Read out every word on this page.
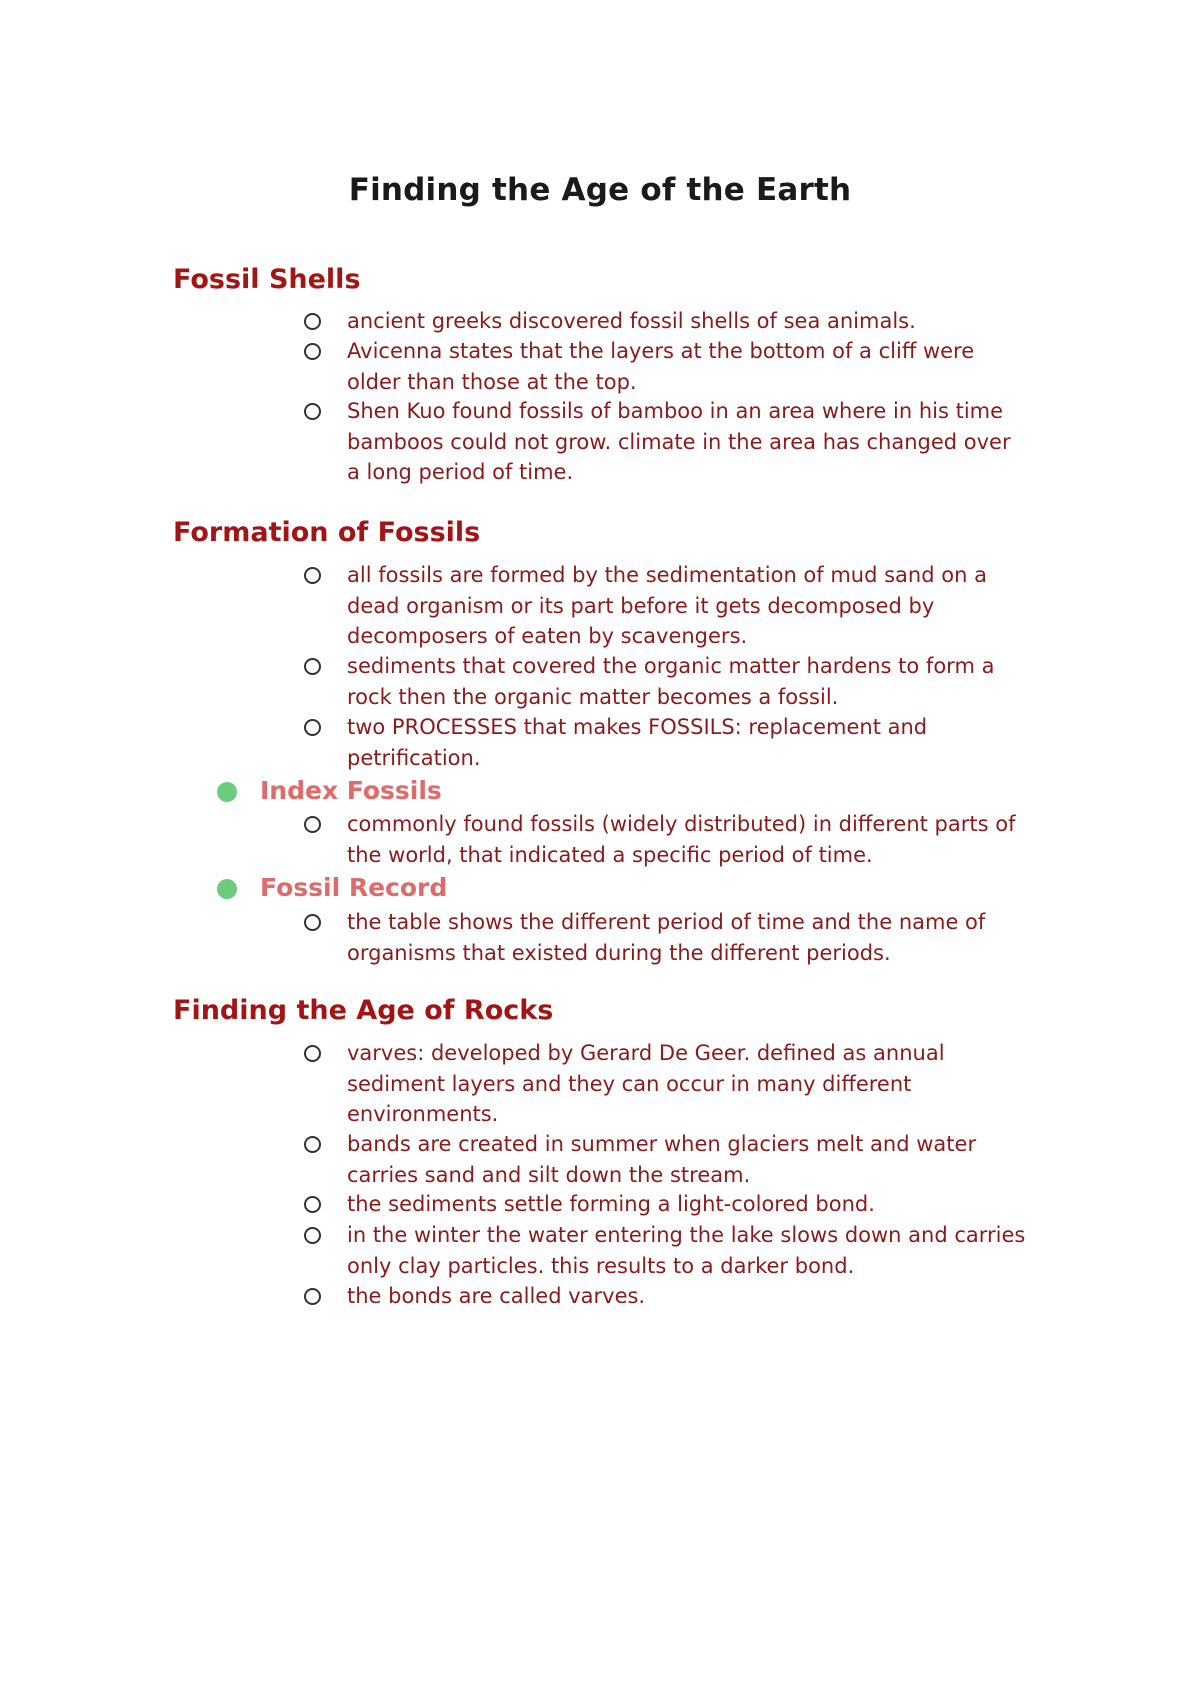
Finding the Age of the Earth
Fossil Shells

ancient greeks discovered fossil shells of sea animals.

Avicenna states that the layers at the bottom of a cliff were older than those at the top.

Shen Kuo found fossils of bamboo in an area where in his time bamboos could not grow. climate in the area has changed over a long period of time.

Formation of Fossils

all fossils are formed by the sedimentation of mud sand on a dead organism or its part before it gets decomposed by decomposers of eaten by scavengers.

sediments that covered the organic matter hardens to form a rock then the organic matter becomes a fossil.

two PROCESSES that makes FOSSILS: replacement and petrification.

Index Fossils

commonly found fossils (widely distributed) in different parts of the world, that indicated a specific period of time.

Fossil Record

the table shows the different period of time and the name of organisms that existed during the different periods.

Finding the Age of Rocks

varves: developed by Gerard De Geer. defined as annual sediment layers and they can occur in many different environments.

bands are created in summer when glaciers melt and water carries sand and silt down the stream.

the sediments settle forming a light-colored bond.

in the winter the water entering the lake slows down and carries only clay particles. this results to a darker bond.

the bonds are called varves.
